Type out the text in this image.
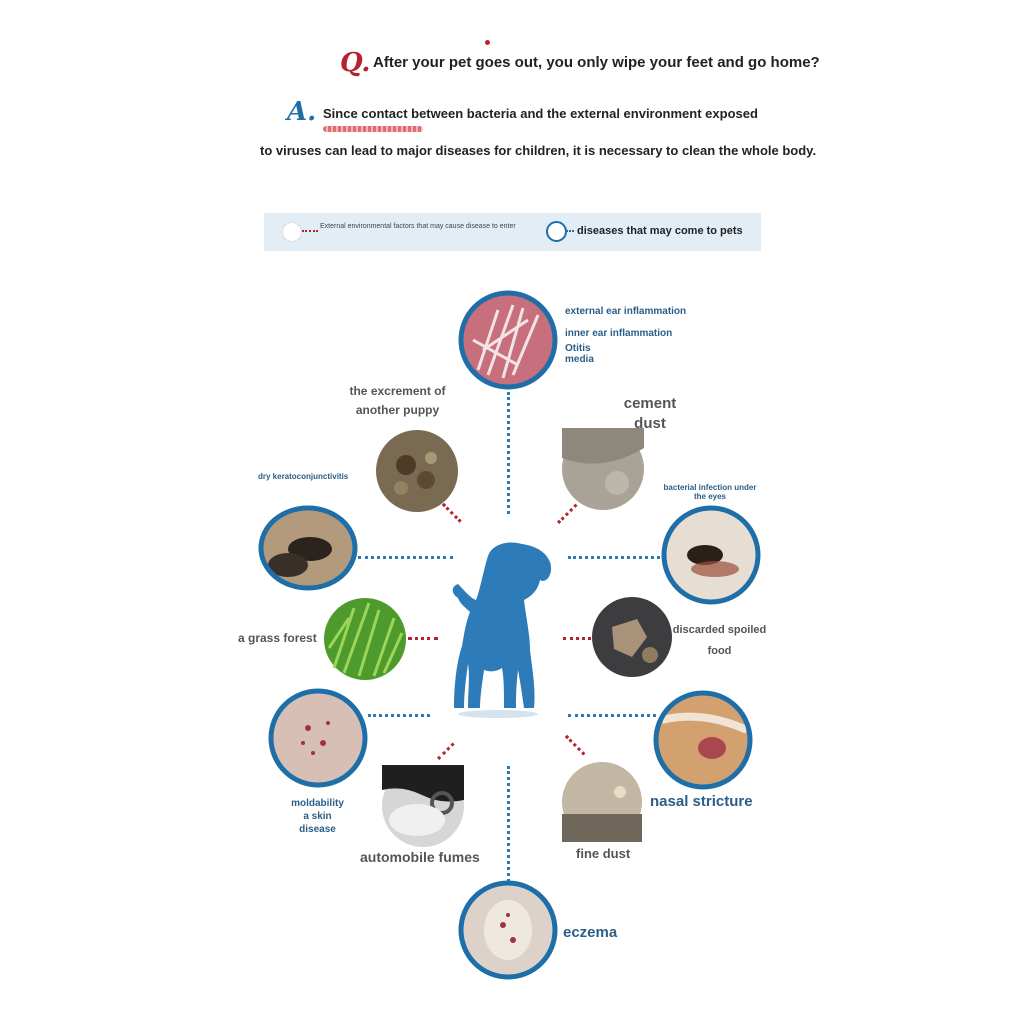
Q. After your pet goes out, you only wipe your feet and go home?
A. Since contact between bacteria and the external environment exposed
to viruses can lead to major diseases for children, it is necessary to clean the whole body.
External environmental factors that may cause disease to enter	diseases that may come to pets
external ear inflammation
inner ear inflammation
Otitis
media
the excrement of another puppy	cement dust
dry keratoconjunctivitis
bacterial infection under the eyes
a grass forest
discarded spoiled food
moldability
a skin
disease
nasal stricture
automobile fumes	fine dust
eczema
